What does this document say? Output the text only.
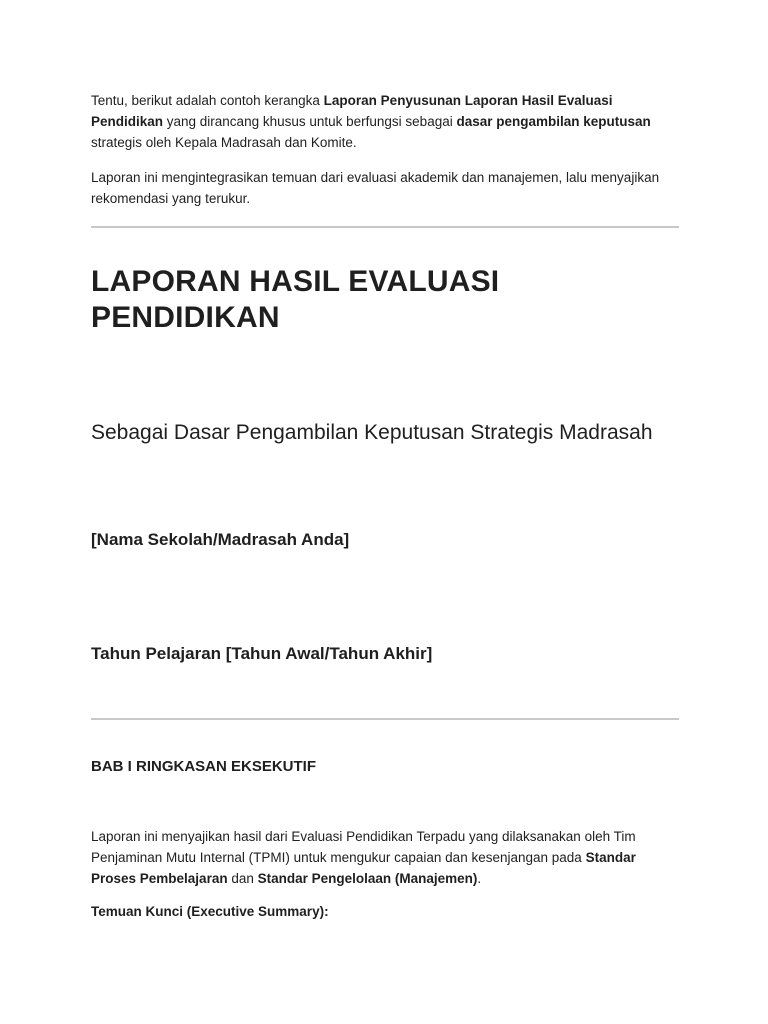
Tentu, berikut adalah contoh kerangka Laporan Penyusunan Laporan Hasil Evaluasi Pendidikan yang dirancang khusus untuk berfungsi sebagai dasar pengambilan keputusan strategis oleh Kepala Madrasah dan Komite.

Laporan ini mengintegrasikan temuan dari evaluasi akademik dan manajemen, lalu menyajikan rekomendasi yang terukur.

LAPORAN HASIL EVALUASI PENDIDIKAN
Sebagai Dasar Pengambilan Keputusan Strategis Madrasah
[Nama Sekolah/Madrasah Anda]
Tahun Pelajaran [Tahun Awal/Tahun Akhir]
BAB I RINGKASAN EKSEKUTIF

Laporan ini menyajikan hasil dari Evaluasi Pendidikan Terpadu yang dilaksanakan oleh Tim Penjaminan Mutu Internal (TPMI) untuk mengukur capaian dan kesenjangan pada Standar Proses Pembelajaran dan Standar Pengelolaan (Manajemen).

Temuan Kunci (Executive Summary):
